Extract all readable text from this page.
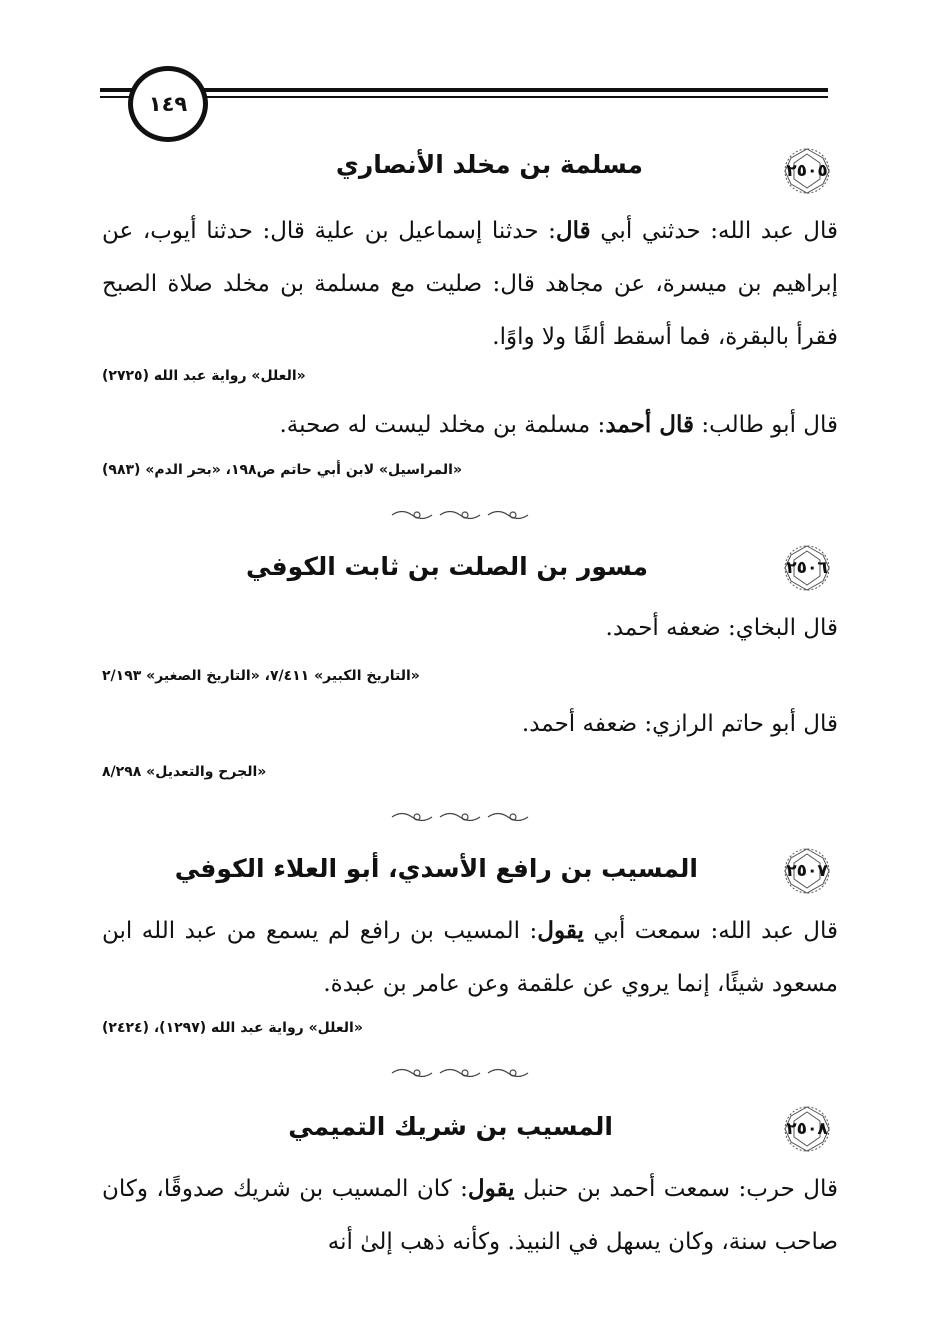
١٤٩
٢٥٠٥
مسلمة بن مخلد الأنصاري
قال عبد الله: حدثني أبي قال: حدثنا إسماعيل بن علية قال: حدثنا أيوب، عن إبراهيم بن ميسرة، عن مجاهد قال: صليت مع مسلمة بن مخلد صلاة الصبح فقرأ بالبقرة، فما أسقط ألفًا ولا واوًا.
«العلل» رواية عبد الله (٢٧٢٥)
قال أبو طالب: قال أحمد: مسلمة بن مخلد ليست له صحبة.
«المراسيل» لابن أبي حاتم ص١٩٨، «بحر الدم» (٩٨٣)
٢٥٠٦
مسور بن الصلت بن ثابت الكوفي
قال البخاي: ضعفه أحمد.
«التاريخ الكبير» ٧/٤١١، «التاريخ الصغير» ٢/١٩٣
قال أبو حاتم الرازي: ضعفه أحمد.
«الجرح والتعديل» ٨/٢٩٨
٢٥٠٧
المسيب بن رافع الأسدي، أبو العلاء الكوفي
قال عبد الله: سمعت أبي يقول: المسيب بن رافع لم يسمع من عبد الله ابن مسعود شيئًا، إنما يروي عن علقمة وعن عامر بن عبدة.
«العلل» رواية عبد الله (١٢٩٧)، (٢٤٢٤)
٢٥٠٨
المسيب بن شريك التميمي
قال حرب: سمعت أحمد بن حنبل يقول: كان المسيب بن شريك صدوقًا، وكان صاحب سنة، وكان يسهل في النبيذ. وكأنه ذهب إلىٰ أنه
